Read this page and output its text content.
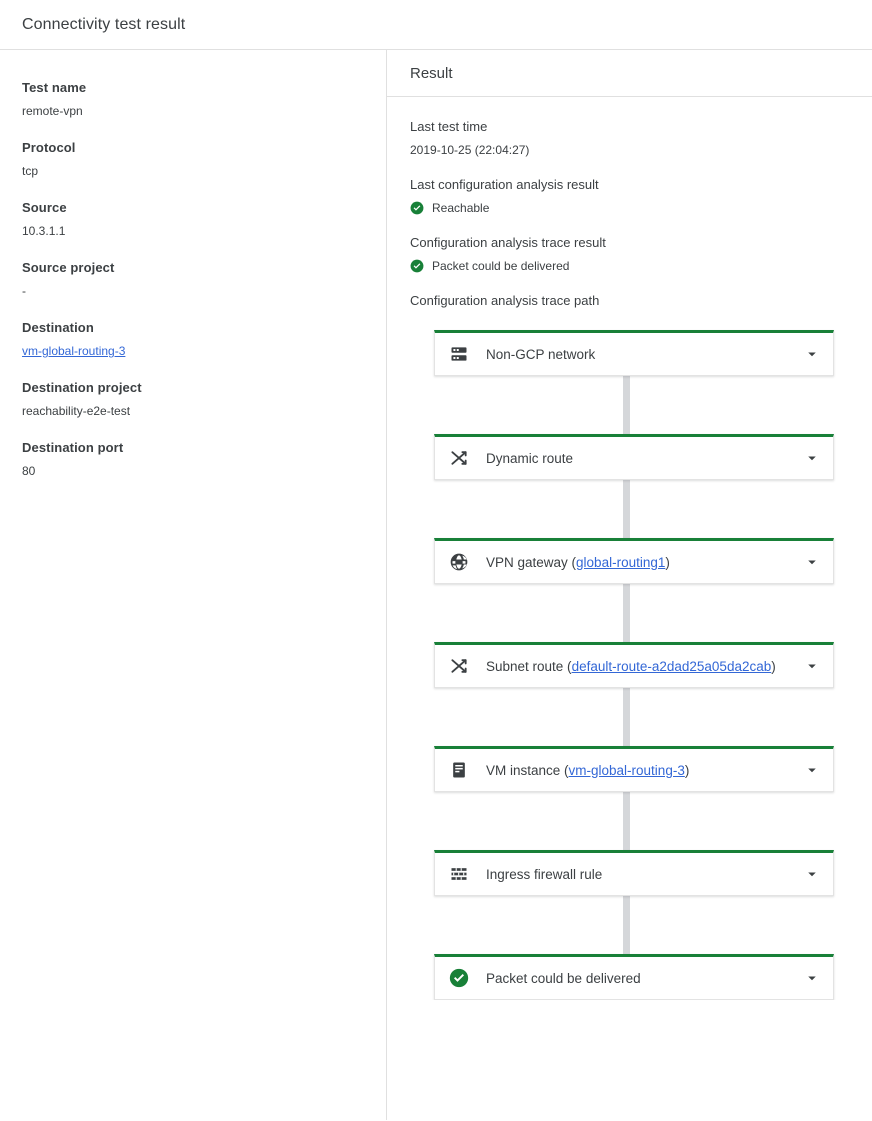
Connectivity test result
Test name
remote-vpn
Protocol
tcp
Source
10.3.1.1
Source project
-
Destination
vm-global-routing-3
Destination project
reachability-e2e-test
Destination port
80
Result
Last test time
2019-10-25 (22:04:27)
Last configuration analysis result
Reachable
Configuration analysis trace result
Packet could be delivered
Configuration analysis trace path
Non-GCP network
Dynamic route
VPN gateway (global-routing1)
Subnet route (default-route-a2dad25a05da2cab)
VM instance (vm-global-routing-3)
Ingress firewall rule
Packet could be delivered
